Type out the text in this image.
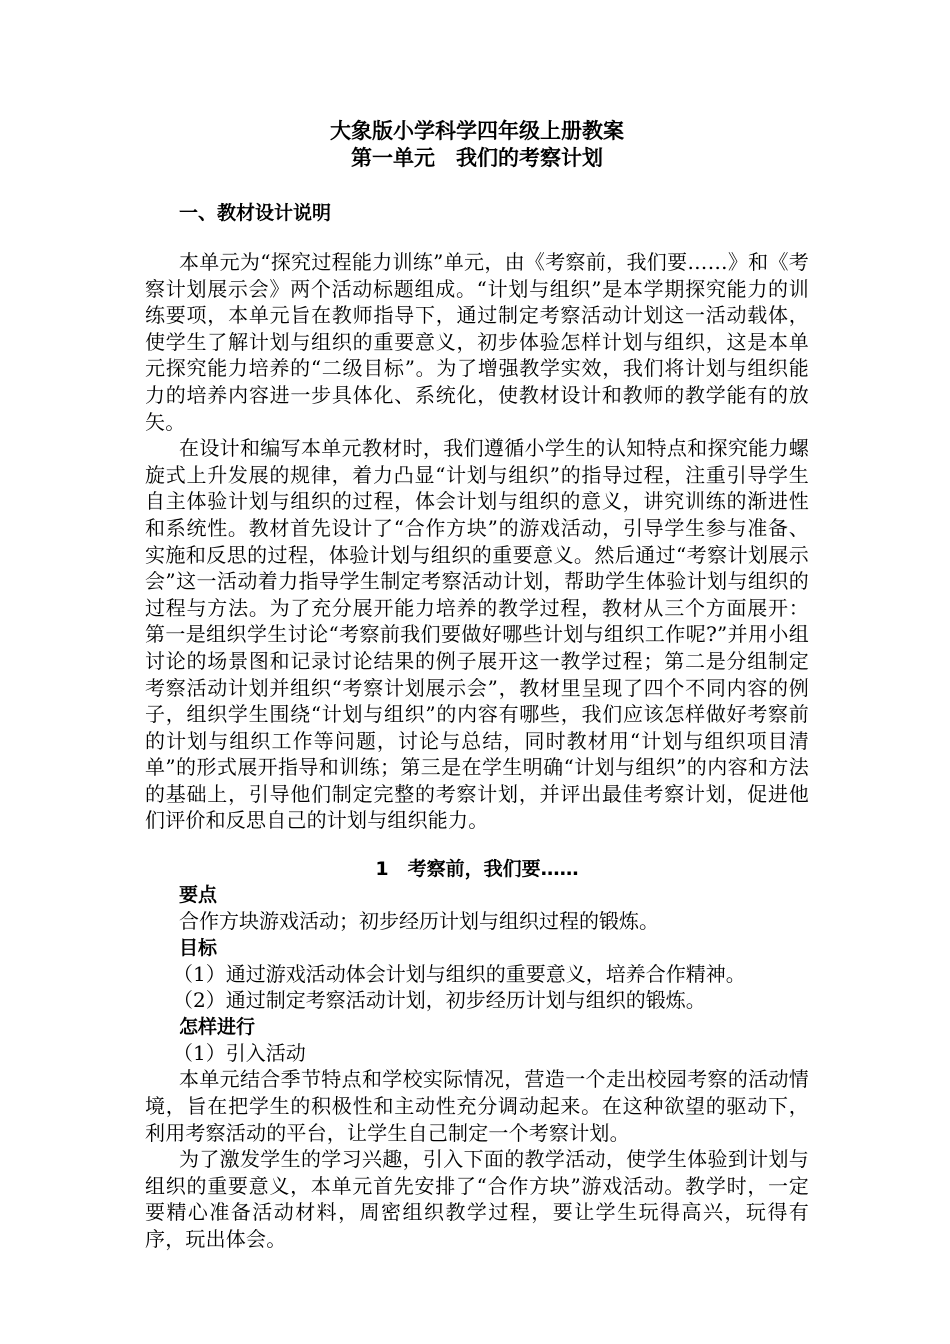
大象版小学科学四年级上册教案
第一单元　我们的考察计划
一、教材设计说明

本单元为“探究过程能力训练”单元，由《考察前，我们要……》和《考察计划展示会》两个活动标题组成。“计划与组织”是本学期探究能力的训练要项，本单元旨在教师指导下，通过制定考察活动计划这一活动载体，使学生了解计划与组织的重要意义，初步体验怎样计划与组织，这是本单元探究能力培养的“二级目标”。为了增强教学实效，我们将计划与组织能力的培养内容进一步具体化、系统化，使教材设计和教师的教学能有的放矢。

在设计和编写本单元教材时，我们遵循小学生的认知特点和探究能力螺旋式上升发展的规律，着力凸显“计划与组织”的指导过程，注重引导学生自主体验计划与组织的过程，体会计划与组织的意义，讲究训练的渐进性和系统性。教材首先设计了“合作方块”的游戏活动，引导学生参与准备、实施和反思的过程，体验计划与组织的重要意义。然后通过“考察计划展示会”这一活动着力指导学生制定考察活动计划，帮助学生体验计划与组织的过程与方法。为了充分展开能力培养的教学过程，教材从三个方面展开：第一是组织学生讨论“考察前我们要做好哪些计划与组织工作呢?”并用小组讨论的场景图和记录讨论结果的例子展开这一教学过程；第二是分组制定考察活动计划并组织“考察计划展示会”，教材里呈现了四个不同内容的例子，组织学生围绕“计划与组织”的内容有哪些，我们应该怎样做好考察前的计划与组织工作等问题，讨论与总结，同时教材用“计划与组织项目清单”的形式展开指导和训练；第三是在学生明确“计划与组织”的内容和方法的基础上，引导他们制定完整的考察计划，并评出最佳考察计划，促进他们评价和反思自己的计划与组织能力。

1　考察前，我们要……
要点
合作方块游戏活动；初步经历计划与组织过程的锻炼。
目标
（1）通过游戏活动体会计划与组织的重要意义，培养合作精神。
（2）通过制定考察活动计划，初步经历计划与组织的锻炼。
怎样进行
（1）引入活动

本单元结合季节特点和学校实际情况，营造一个走出校园考察的活动情境，旨在把学生的积极性和主动性充分调动起来。在这种欲望的驱动下，利用考察活动的平台，让学生自己制定一个考察计划。

为了激发学生的学习兴趣，引入下面的教学活动，使学生体验到计划与组织的重要意义，本单元首先安排了“合作方块”游戏活动。教学时，一定要精心准备活动材料，周密组织教学过程，要让学生玩得高兴，玩得有序，玩出体会。
